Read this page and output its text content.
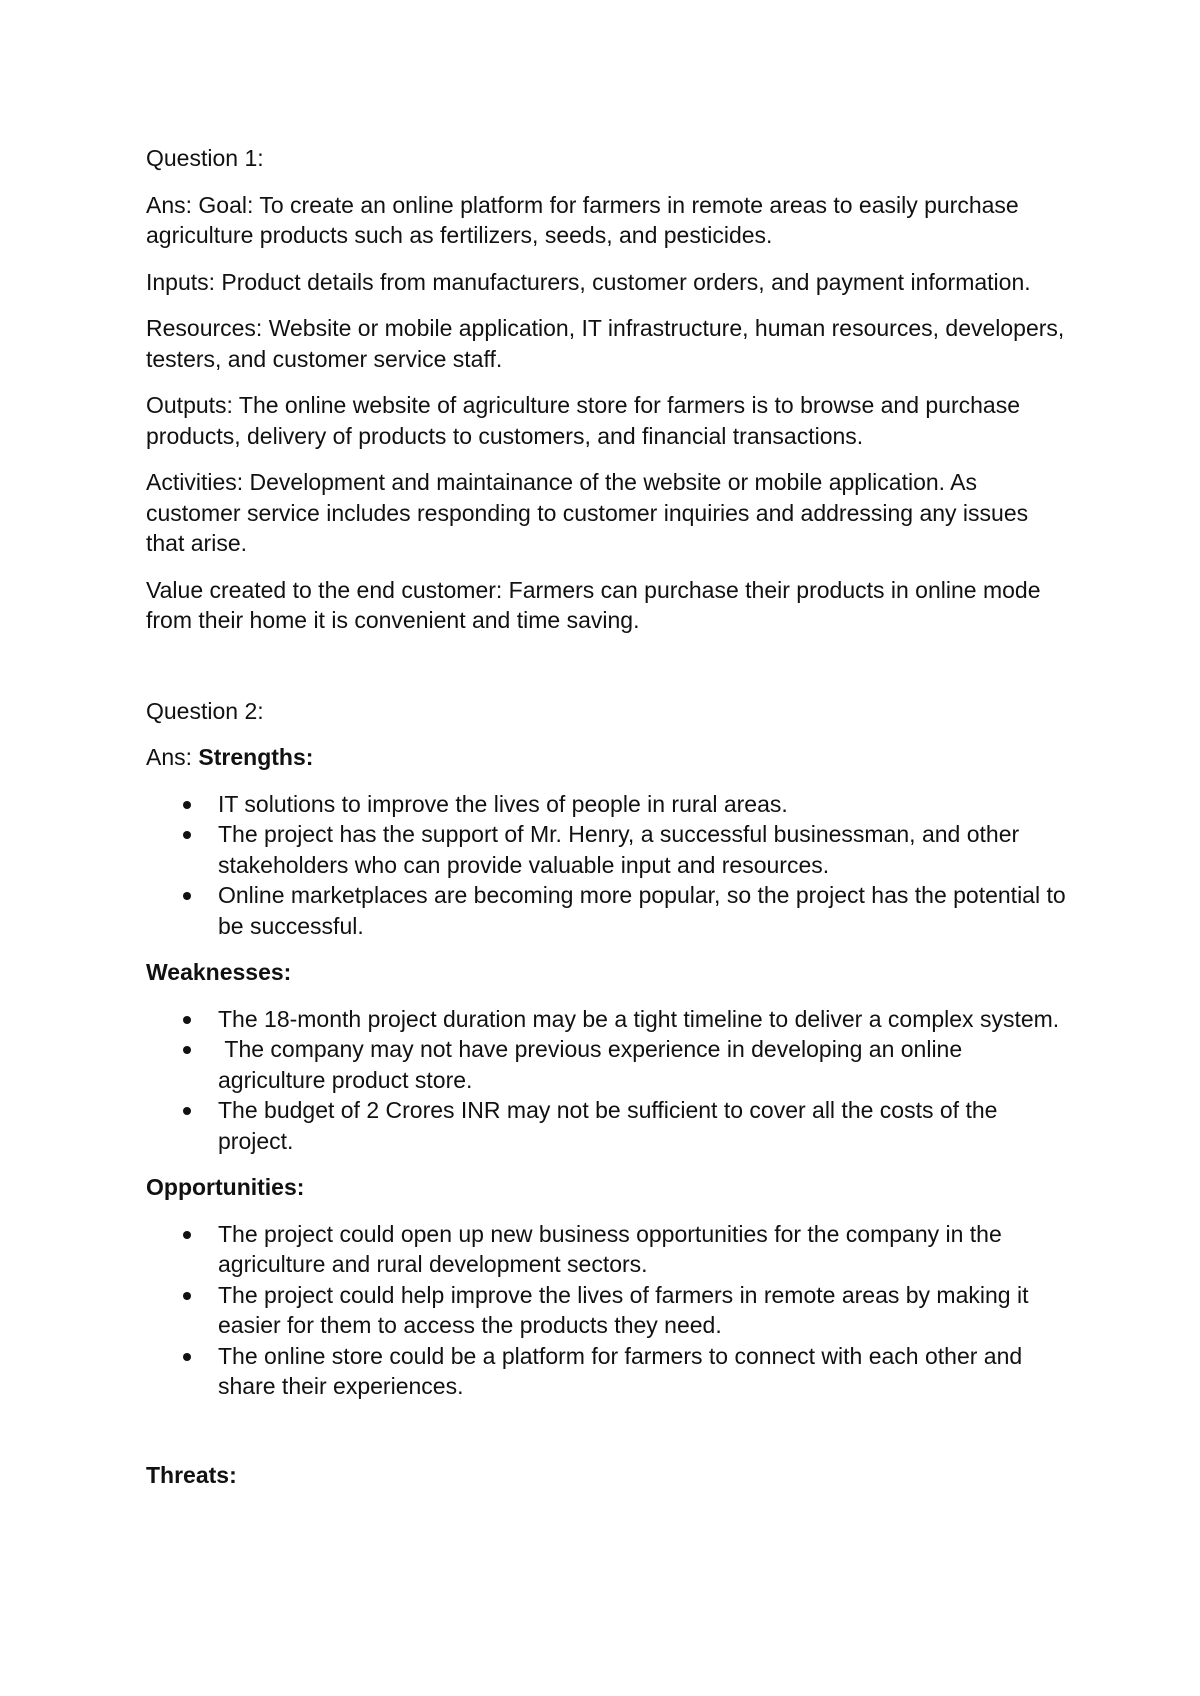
Question 1:

Ans: Goal: To create an online platform for farmers in remote areas to easily purchase agriculture products such as fertilizers, seeds, and pesticides.

Inputs: Product details from manufacturers, customer orders, and payment information.

Resources: Website or mobile application, IT infrastructure, human resources, developers, testers, and customer service staff.

Outputs: The online website of agriculture store for farmers is to browse and purchase products, delivery of products to customers, and financial transactions.

Activities: Development and maintainance of the website or mobile application. As customer service includes responding to customer inquiries and addressing any issues that arise.

Value created to the end customer: Farmers can purchase their products in online mode from their home it is convenient and time saving.

Question 2:

Ans: Strengths:

IT solutions to improve the lives of people in rural areas.
The project has the support of Mr. Henry, a successful businessman, and other stakeholders who can provide valuable input and resources.
Online marketplaces are becoming more popular, so the project has the potential to be successful.

Weaknesses:

The 18-month project duration may be a tight timeline to deliver a complex system.
The company may not have previous experience in developing an online agriculture product store.
The budget of 2 Crores INR may not be sufficient to cover all the costs of the project.

Opportunities:

The project could open up new business opportunities for the company in the agriculture and rural development sectors.
The project could help improve the lives of farmers in remote areas by making it easier for them to access the products they need.
The online store could be a platform for farmers to connect with each other and share their experiences.

Threats:
